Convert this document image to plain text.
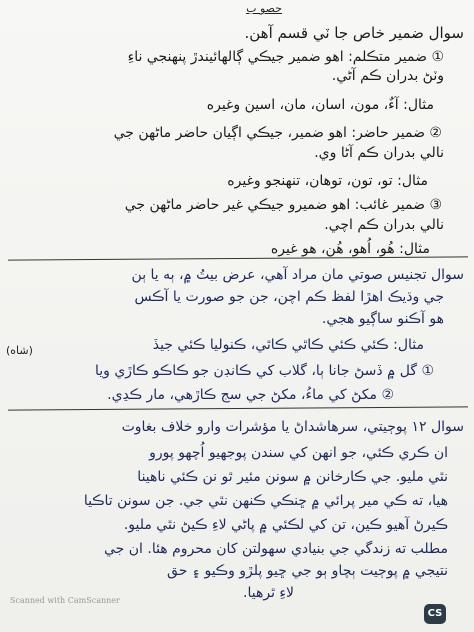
حصو ب
سوال ضمير خاص جا ٽي قسم آهن.
① ضمير متڪلم: اهو ضمير جيڪي ڳالهائيندڙ پنهنجي ناءِ
وٽڻ بدران ڪم آڻي.
مثال: آءٌ، مون، اسان، مان، اسين وغيره
② ضمير حاضر: اهو ضمير، جيڪي اڳيان حاضر ماڻهن جي
نالي بدران ڪم آڻا وي.
مثال: تو، تون، توهان، تنهنجو وغيره
③ ضمير غائب: اهو ضميرو جيڪي غير حاضر ماڻهن جي
نالي بدران ڪم اچي.
مثال: هُو، اُهو، هُن، هو غيره
سوال تجنيس صوتي مان مراد آهي، عرض بيتُ ۾، ٻه يا ٻن
جي وڌيڪ اهڙا لفظ ڪم اچن، جن جو صورت يا آڪس
هو آڪنو ساڳيو هجي.
مثال: ڪئي ڪئي ڪاٿي ڪاٿي، ڪنوليا ڪئي جيڏ
(شاه)
① گل ۾ ڏسڻ جانا ٻا، گلاب کي ڪانڊن جو ڪاڪو ڪاڙي ويا
② مکڻ کي ماءُ، مکڻ جي سج ڪاڙهي، مار ڪڍي.
سوال ۱۲ پوڄيتي، سرهاشداڻ يا مؤشرات وارو خلاف بغاوت
ان ڪري ڪئي، جو انهن کي سندن پوجهيو اُچهو پورو
نٿي مليو. جي ڪارخانن ۾ سونن مئير ٿو نن ڪئي ناهينا
هيا، ته ڪي مير پرائي ۾ ڇنڪي ڪنهن نٿي جي. جن سونن تاڪيا
ڪيرڻ آهيو ڪين، تن کي لڪئي ۾ پاڻي لاءِ ڪيڻ نٿي مليو.
مطلب ته زندگي جي بنيادي سهولتن کان محروم هئا. ان جي
نتيجي ۾ پوڄيت ٻچاو ٻو جي ڇيو پلڙو وڪيو ۽ حق
لاءِ ٿرهيا.
Scanned with CamScanner
CS
